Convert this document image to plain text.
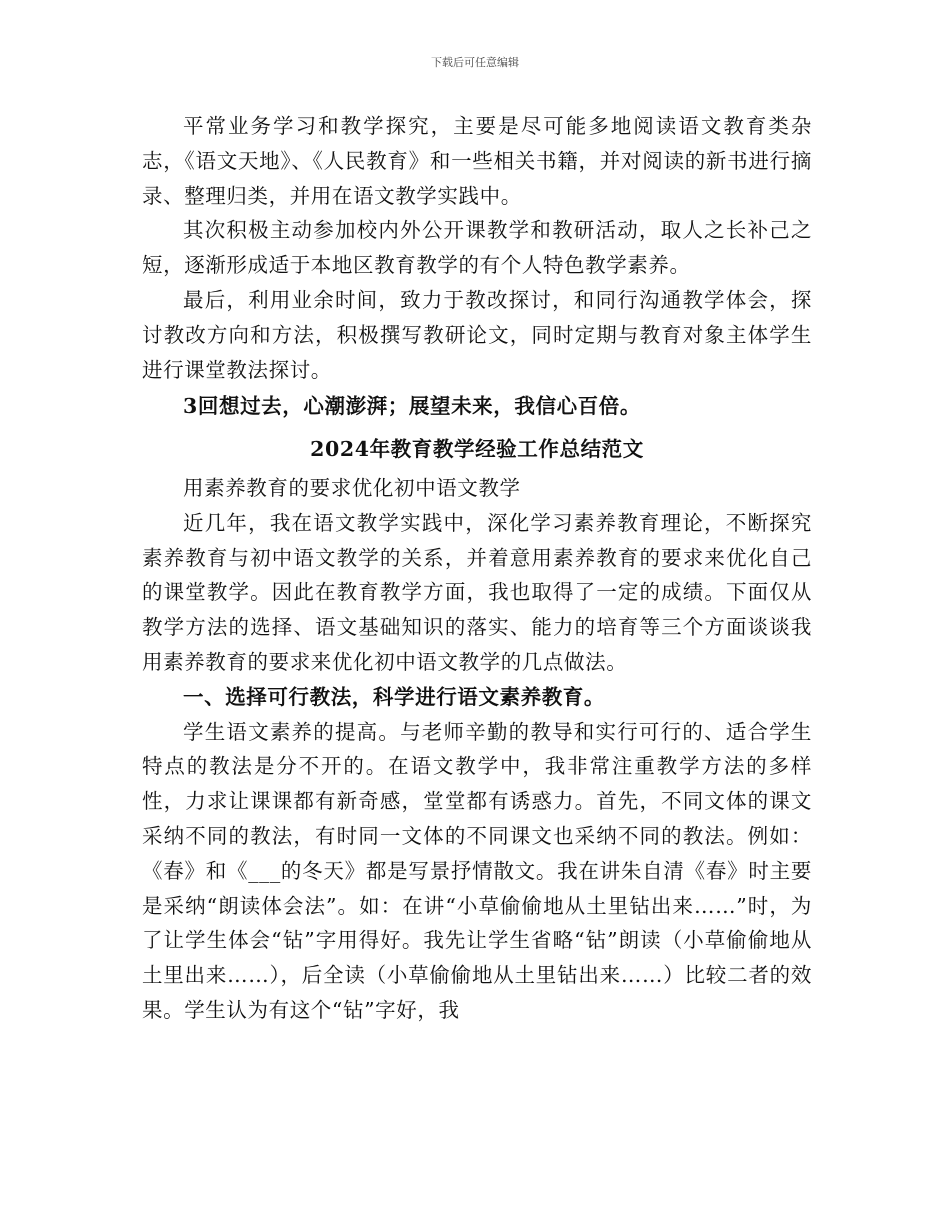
下载后可任意编辑

平常业务学习和教学探究，主要是尽可能多地阅读语文教育类杂志，《语文天地》、《人民教育》和一些相关书籍，并对阅读的新书进行摘录、整理归类，并用在语文教学实践中。

其次积极主动参加校内外公开课教学和教研活动，取人之长补己之短，逐渐形成适于本地区教育教学的有个人特色教学素养。

最后，利用业余时间，致力于教改探讨，和同行沟通教学体会，探讨教改方向和方法，积极撰写教研论文，同时定期与教育对象主体学生进行课堂教法探讨。

3回想过去，心潮澎湃；展望未来，我信心百倍。

2024年教育教学经验工作总结范文

用素养教育的要求优化初中语文教学

近几年，我在语文教学实践中，深化学习素养教育理论，不断探究素养教育与初中语文教学的关系，并着意用素养教育的要求来优化自己的课堂教学。因此在教育教学方面，我也取得了一定的成绩。下面仅从教学方法的选择、语文基础知识的落实、能力的培育等三个方面谈谈我用素养教育的要求来优化初中语文教学的几点做法。

一、选择可行教法，科学进行语文素养教育。

学生语文素养的提高。与老师辛勤的教导和实行可行的、适合学生特点的教法是分不开的。在语文教学中，我非常注重教学方法的多样性，力求让课课都有新奇感，堂堂都有诱惑力。首先，不同文体的课文采纳不同的教法，有时同一文体的不同课文也采纳不同的教法。例如：《春》和《___的冬天》都是写景抒情散文。我在讲朱自清《春》时主要是采纳“朗读体会法”。如：在讲“小草偷偷地从土里钻出来……”时，为了让学生体会“钻”字用得好。我先让学生省略“钻”朗读（小草偷偷地从土里出来……），后全读（小草偷偷地从土里钻出来……）比较二者的效果。学生认为有这个“钻”字好，我
